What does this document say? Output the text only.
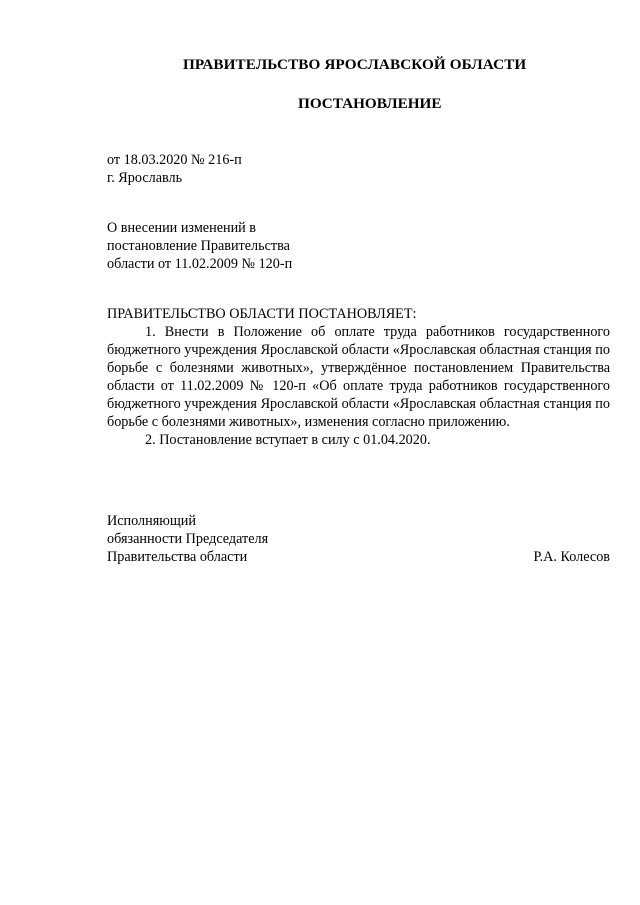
ПРАВИТЕЛЬСТВО ЯРОСЛАВСКОЙ ОБЛАСТИ
ПОСТАНОВЛЕНИЕ
от 18.03.2020 № 216-п
г. Ярославль
О внесении изменений в
постановление Правительства
области от 11.02.2009 № 120-п
ПРАВИТЕЛЬСТВО ОБЛАСТИ ПОСТАНОВЛЯЕТ:
1. Внести в Положение об оплате труда работников государственного бюджетного учреждения Ярославской области «Ярославская областная станция по борьбе с болезнями животных», утверждённое постановлением Правительства области от 11.02.2009 № 120-п «Об оплате труда работников государственного бюджетного учреждения Ярославской области «Ярославская областная станция по борьбе с болезнями животных», изменения согласно приложению.
2. Постановление вступает в силу с 01.04.2020.
Исполняющий
обязанности Председателя
Правительства области	Р.А. Колесов
